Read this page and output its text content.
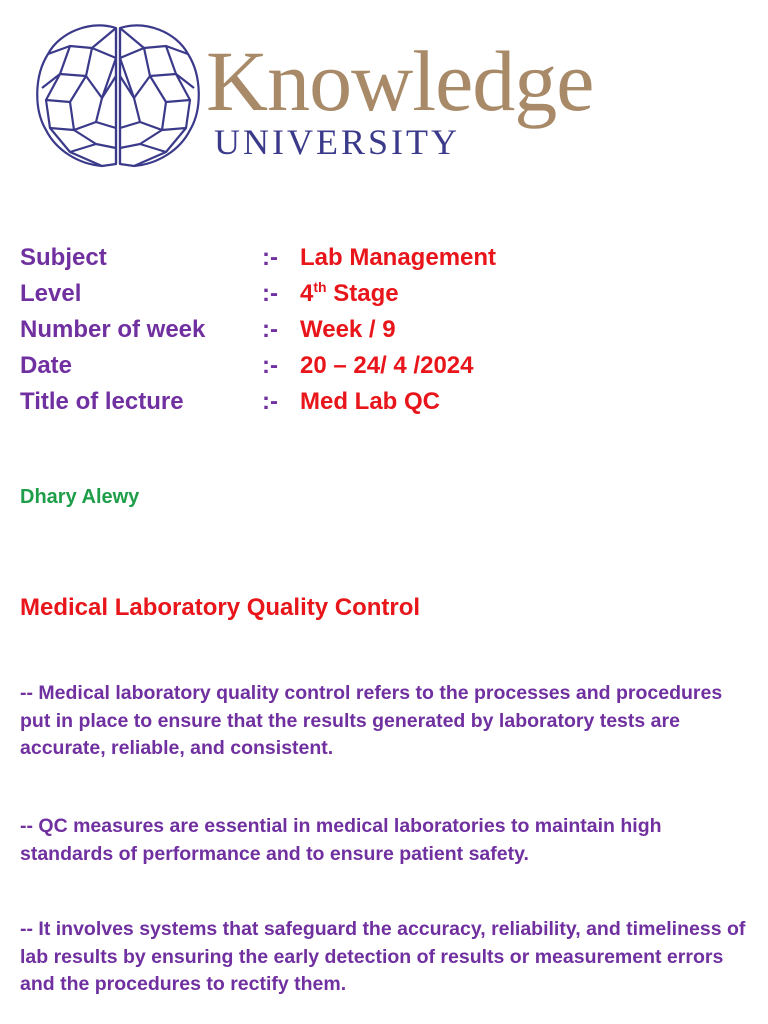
Knowledge
UNIVERSITY
Subject	:- Lab Management
Level	:- 4th Stage
Number of week :- Week / 9
Date	:- 20 – 24/ 4 /2024
Title of lecture	:- Med Lab QC
Dhary Alewy
Medical Laboratory Quality Control

-- Medical laboratory quality control refers to the processes and procedures put in place to ensure that the results generated by laboratory tests are accurate, reliable, and consistent.

-- QC measures are essential in medical laboratories to maintain high standards of performance and to ensure patient safety.

-- It involves systems that safeguard the accuracy, reliability, and timeliness of lab results by ensuring the early detection of results or measurement errors and the procedures to rectify them.
